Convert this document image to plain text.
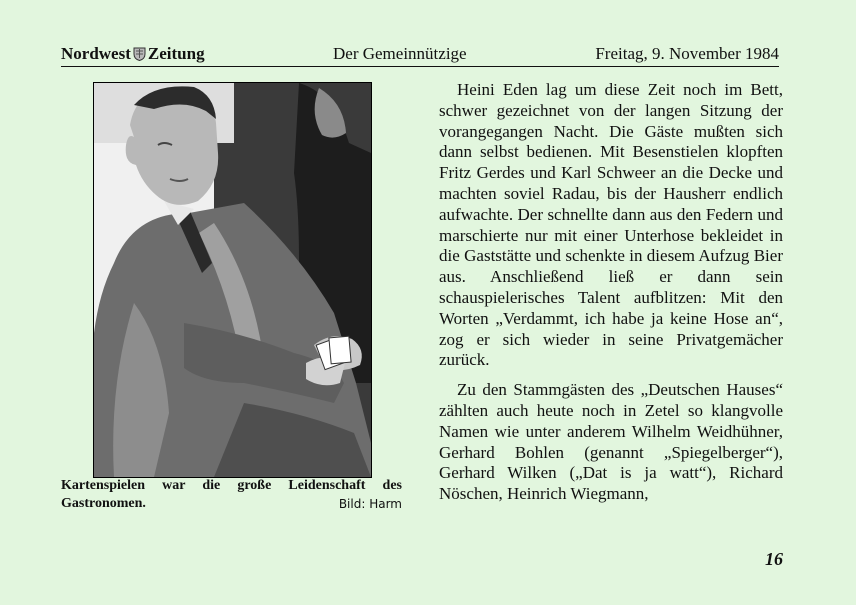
Nordwest Zeitung	Der Gemeinnützige	Freitag, 9. November 1984
Kartenspielen war die große Leidenschaft des Gastronomen.	Bild: Harm

Heini Eden lag um diese Zeit noch im Bett, schwer gezeichnet von der langen Sitzung der vorangegangen Nacht. Die Gäste mußten sich dann selbst bedienen. Mit Besenstielen klopften Fritz Gerdes und Karl Schweer an die Decke und machten soviel Radau, bis der Hausherr endlich aufwachte. Der schnellte dann aus den Federn und marschierte nur mit einer Unterhose bekleidet in die Gaststätte und schenkte in diesem Aufzug Bier aus. Anschließend ließ er dann sein schauspielerisches Talent aufblitzen: Mit den Worten „Verdammt, ich habe ja keine Hose an“, zog er sich wieder in seine Privatgemächer zurück.

Zu den Stammgästen des „Deutschen Hauses“ zählten auch heute noch in Zetel so klangvolle Namen wie unter anderem Wilhelm Weidhühner, Gerhard Bohlen (genannt „Spiegelberger“), Gerhard Wilken („Dat is ja watt“), Richard Nöschen, Heinrich Wiegmann,

16
